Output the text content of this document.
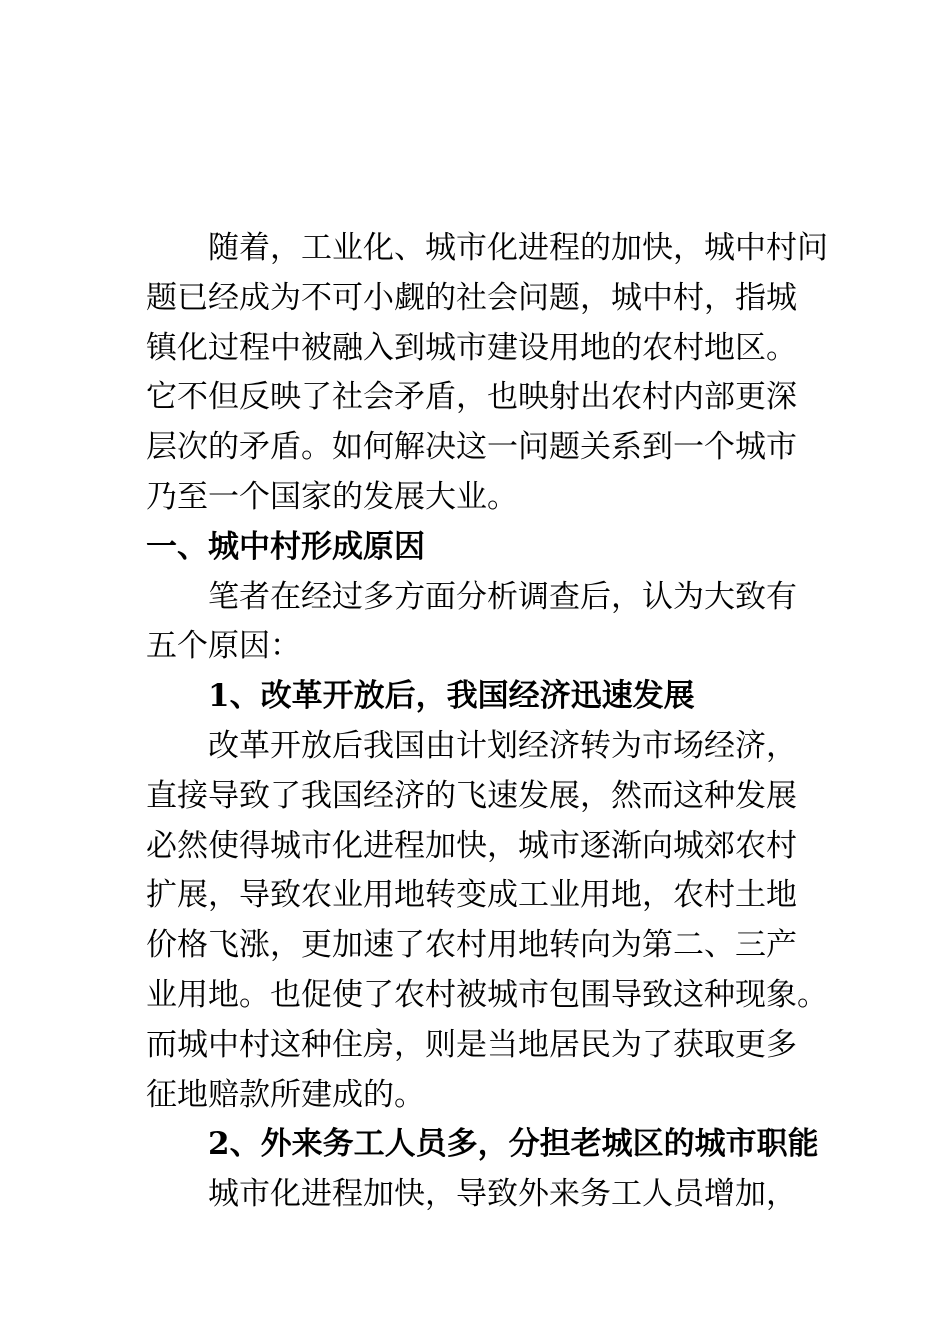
随着，工业化、城市化进程的加快，城中村问
题已经成为不可小觑的社会问题，城中村，指城
镇化过程中被融入到城市建设用地的农村地区。
它不但反映了社会矛盾，也映射出农村内部更深
层次的矛盾。如何解决这一问题关系到一个城市
乃至一个国家的发展大业。
一、城中村形成原因
笔者在经过多方面分析调查后，认为大致有
五个原因：
1、改革开放后，我国经济迅速发展
改革开放后我国由计划经济转为市场经济，
直接导致了我国经济的飞速发展，然而这种发展
必然使得城市化进程加快，城市逐渐向城郊农村
扩展，导致农业用地转变成工业用地，农村土地
价格飞涨，更加速了农村用地转向为第二、三产
业用地。也促使了农村被城市包围导致这种现象。
而城中村这种住房，则是当地居民为了获取更多
征地赔款所建成的。
2、外来务工人员多，分担老城区的城市职能
城市化进程加快，导致外来务工人员增加，
